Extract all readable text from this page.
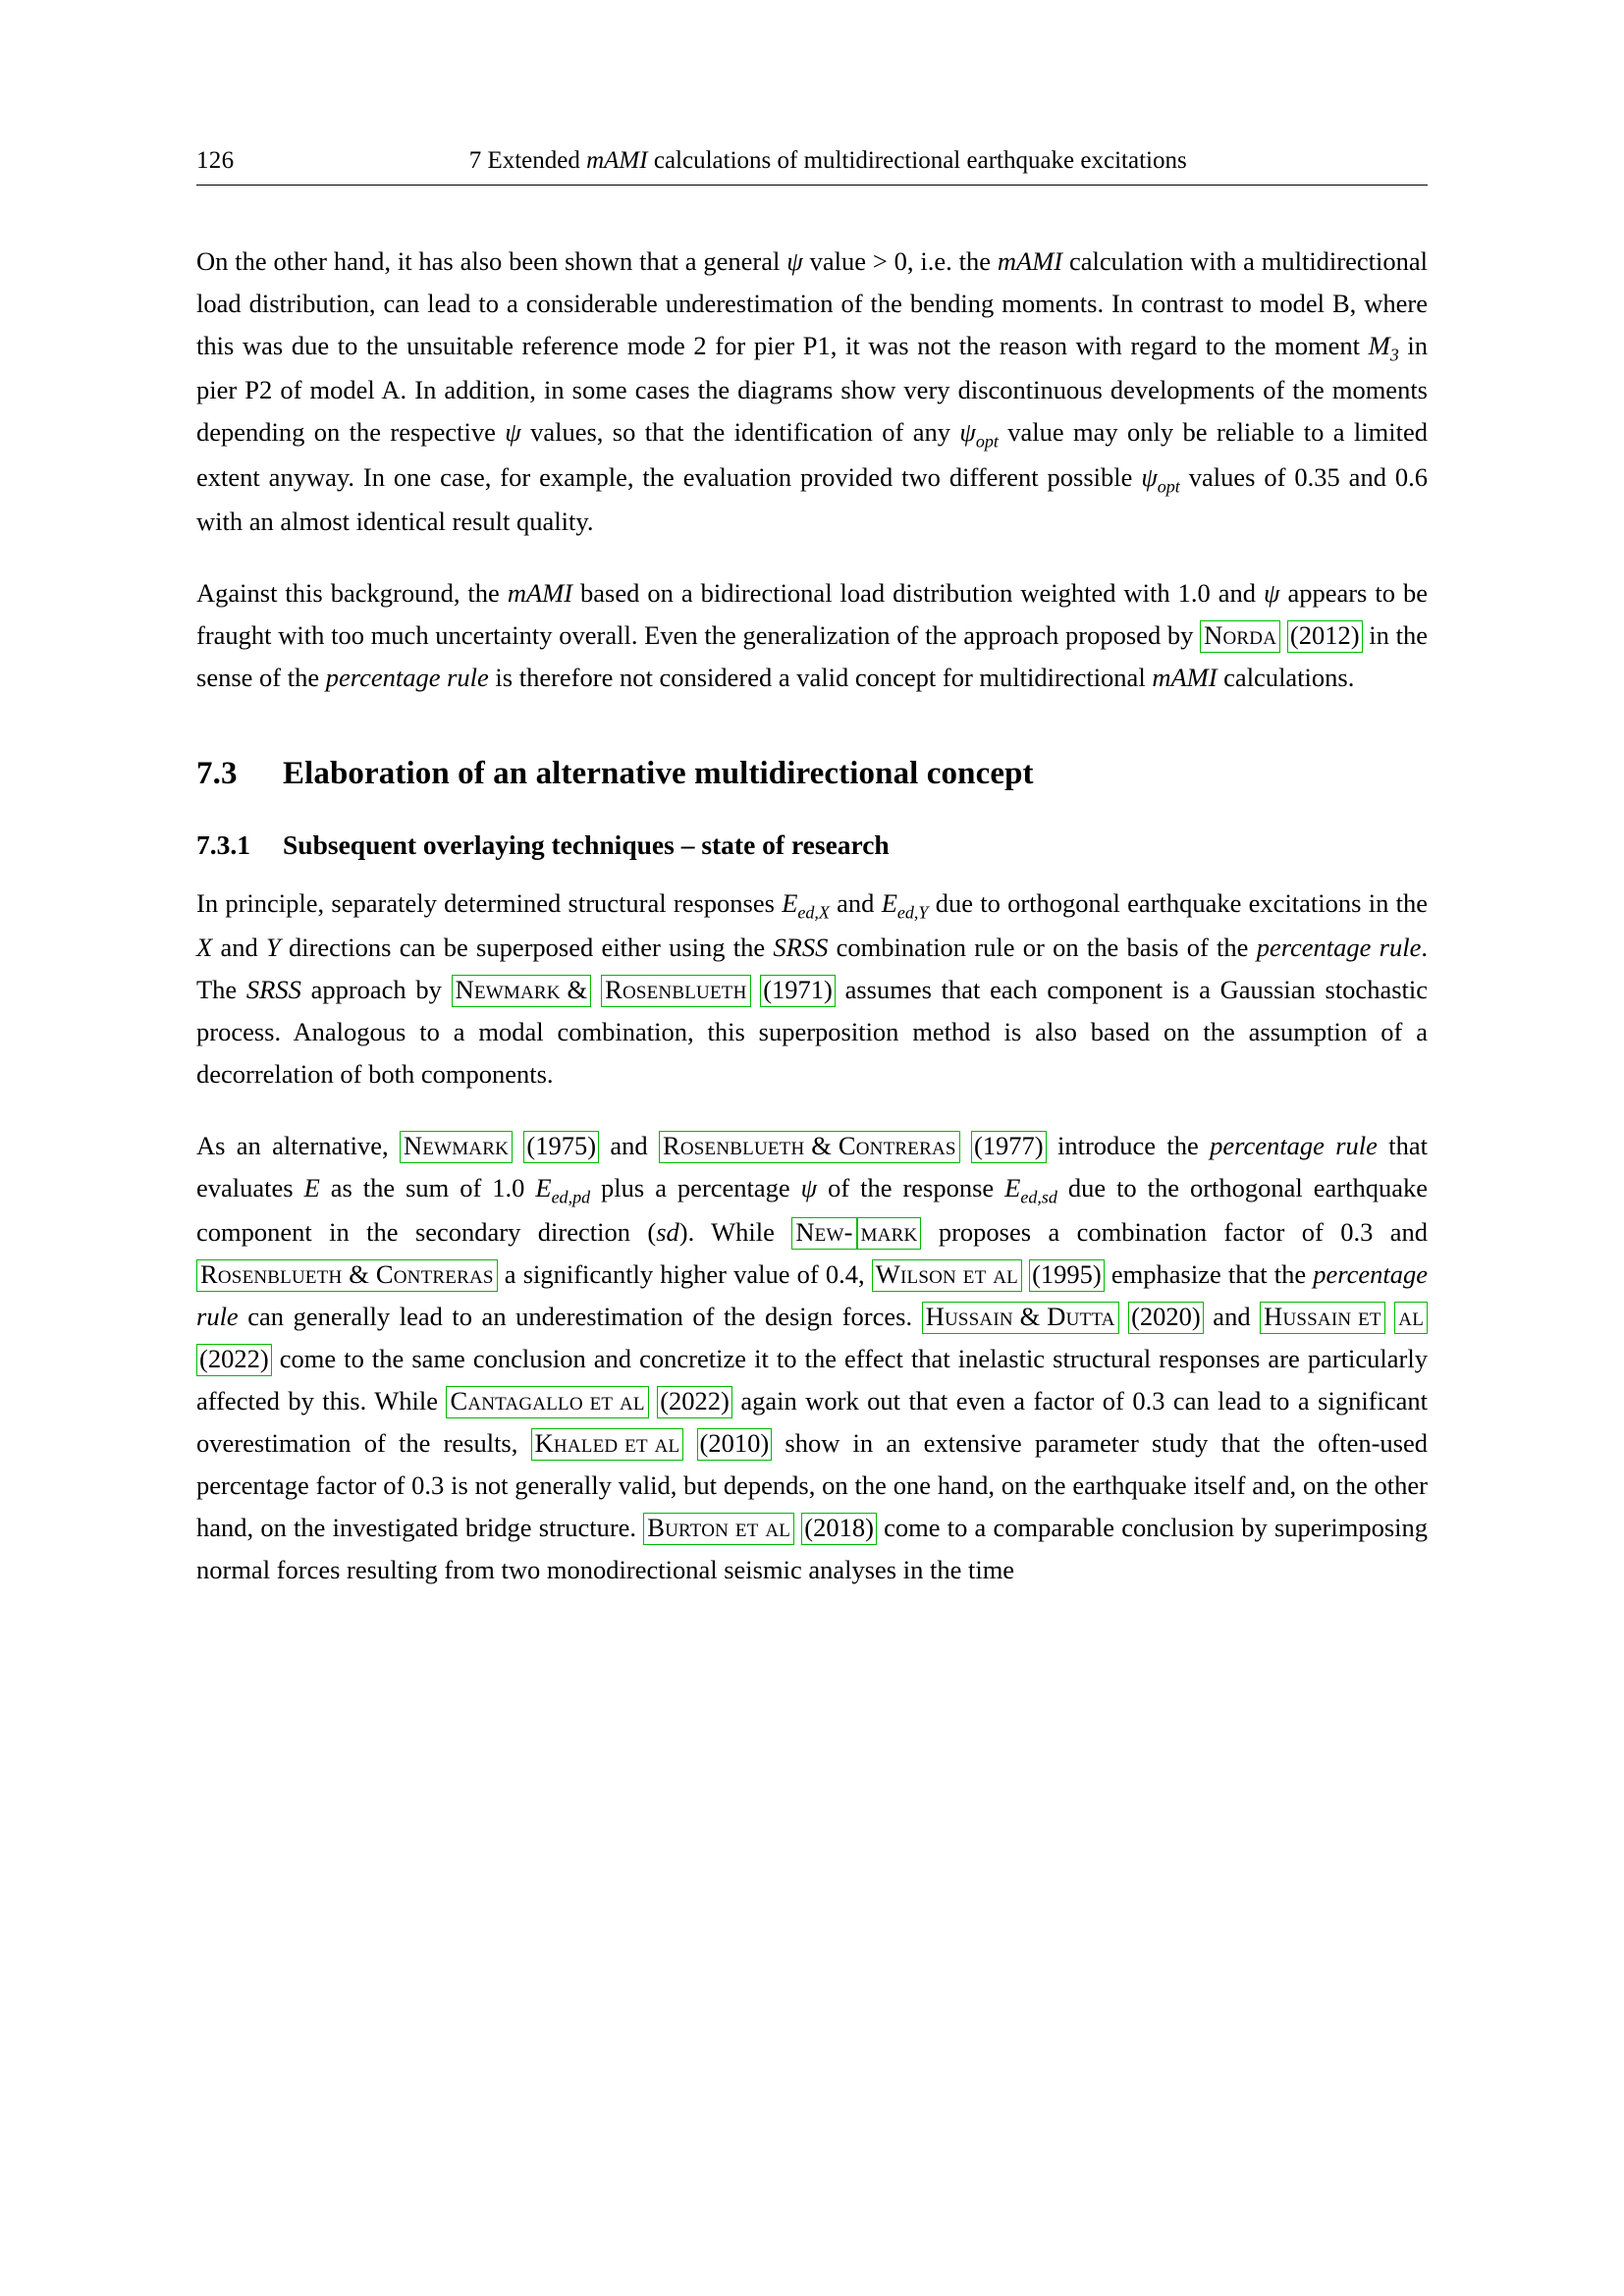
126	7 Extended mAMI calculations of multidirectional earthquake excitations

On the other hand, it has also been shown that a general ψ value > 0, i.e. the mAMI calculation with a multidirectional load distribution, can lead to a considerable underestimation of the bending moments. In contrast to model B, where this was due to the unsuitable reference mode 2 for pier P1, it was not the reason with regard to the moment $M_3$ in pier P2 of model A. In addition, in some cases the diagrams show very discontinuous developments of the moments depending on the respective ψ values, so that the identification of any $\psi_{opt}$ value may only be reliable to a limited extent anyway. In one case, for example, the evaluation provided two different possible $\psi_{opt}$ values of 0.35 and 0.6 with an almost identical result quality.

Against this background, the mAMI based on a bidirectional load distribution weighted with 1.0 and ψ appears to be fraught with too much uncertainty overall. Even the generalization of the approach proposed by Norda (2012) in the sense of the percentage rule is therefore not considered a valid concept for multidirectional mAMI calculations.

7.3 Elaboration of an alternative multidirectional concept
7.3.1 Subsequent overlaying techniques – state of research

In principle, separately determined structural responses $E_{ed,X}$ and $E_{ed,Y}$ due to orthogonal earthquake excitations in the X and Y directions can be superposed either using the SRSS combination rule or on the basis of the percentage rule. The SRSS approach by Newmark & Rosenblueth (1971) assumes that each component is a Gaussian stochastic process. Analogous to a modal combination, this superposition method is also based on the assumption of a decorrelation of both components.

As an alternative, Newmark (1975) and Rosenblueth & Contreras (1977) introduce the percentage rule that evaluates E as the sum of 1.0 $E_{ed,pd}$ plus a percentage ψ of the response $E_{ed,sd}$ due to the orthogonal earthquake component in the secondary direction (sd). While New- mark proposes a combination factor of 0.3 and Rosenblueth & Contreras a significantly higher value of 0.4, Wilson et al (1995) emphasize that the percentage rule can generally lead to an underestimation of the design forces. Hussain & Dutta (2020) and Hussain et al (2022) come to the same conclusion and concretize it to the effect that inelastic structural responses are particularly affected by this. While Cantagallo et al (2022) again work out that even a factor of 0.3 can lead to a significant overestimation of the results, Khaled et al (2010) show in an extensive parameter study that the often-used percentage factor of 0.3 is not generally valid, but depends, on the one hand, on the earthquake itself and, on the other hand, on the investigated bridge structure. Burton et al (2018) come to a comparable conclusion by superimposing normal forces resulting from two monodirectional seismic analyses in the time
